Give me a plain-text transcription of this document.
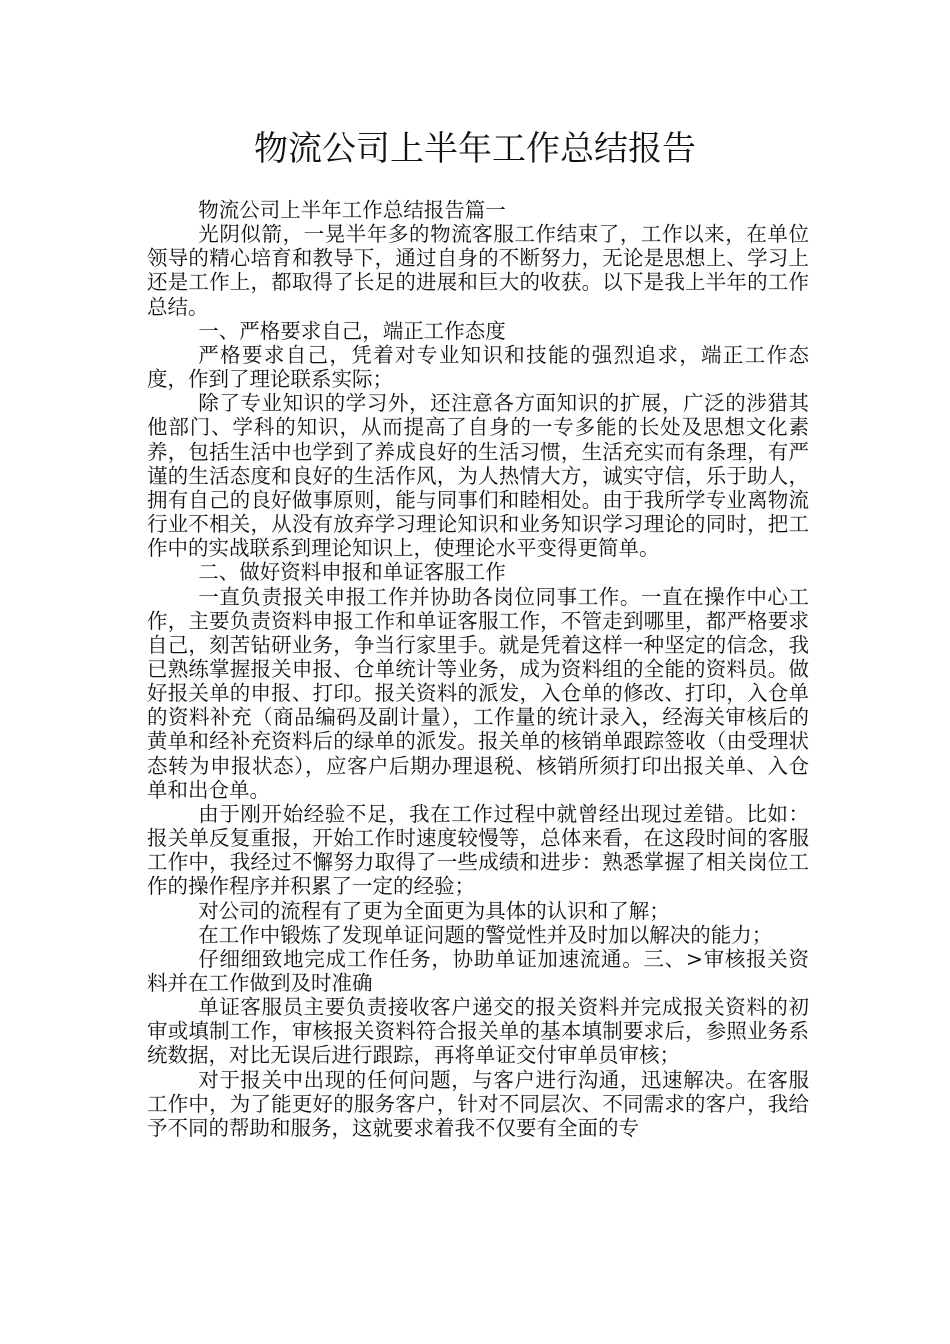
物流公司上半年工作总结报告

物流公司上半年工作总结报告篇一

光阴似箭，一晃半年多的物流客服工作结束了，工作以来，在单位领导的精心培育和教导下，通过自身的不断努力，无论是思想上、学习上还是工作上，都取得了长足的进展和巨大的收获。以下是我上半年的工作总结。

一、严格要求自己，端正工作态度

严格要求自己，凭着对专业知识和技能的强烈追求，端正工作态度，作到了理论联系实际；

除了专业知识的学习外，还注意各方面知识的扩展，广泛的涉猎其他部门、学科的知识，从而提高了自身的一专多能的长处及思想文化素养，包括生活中也学到了养成良好的生活习惯，生活充实而有条理，有严谨的生活态度和良好的生活作风，为人热情大方，诚实守信，乐于助人，拥有自己的良好做事原则，能与同事们和睦相处。由于我所学专业离物流行业不相关，从没有放弃学习理论知识和业务知识学习理论的同时，把工作中的实战联系到理论知识上，使理论水平变得更简单。

二、做好资料申报和单证客服工作

一直负责报关申报工作并协助各岗位同事工作。一直在操作中心工作，主要负责资料申报工作和单证客服工作，不管走到哪里，都严格要求自己，刻苦钻研业务，争当行家里手。就是凭着这样一种坚定的信念，我已熟练掌握报关申报、仓单统计等业务，成为资料组的全能的资料员。做好报关单的申报、打印。报关资料的派发，入仓单的修改、打印，入仓单的资料补充（商品编码及副计量），工作量的统计录入，经海关审核后的黄单和经补充资料后的绿单的派发。报关单的核销单跟踪签收（由受理状态转为申报状态），应客户后期办理退税、核销所须打印出报关单、入仓单和出仓单。

由于刚开始经验不足，我在工作过程中就曾经出现过差错。比如：报关单反复重报，开始工作时速度较慢等，总体来看，在这段时间的客服工作中，我经过不懈努力取得了一些成绩和进步：熟悉掌握了相关岗位工作的操作程序并积累了一定的经验；

对公司的流程有了更为全面更为具体的认识和了解；

在工作中锻炼了发现单证问题的警觉性并及时加以解决的能力；

仔细细致地完成工作任务，协助单证加速流通。三、>审核报关资料并在工作做到及时准确

单证客服员主要负责接收客户递交的报关资料并完成报关资料的初审或填制工作，审核报关资料符合报关单的基本填制要求后，参照业务系统数据，对比无误后进行跟踪，再将单证交付审单员审核；

对于报关中出现的任何问题，与客户进行沟通，迅速解决。在客服工作中，为了能更好的服务客户，针对不同层次、不同需求的客户，我给予不同的帮助和服务，这就要求着我不仅要有全面的专
